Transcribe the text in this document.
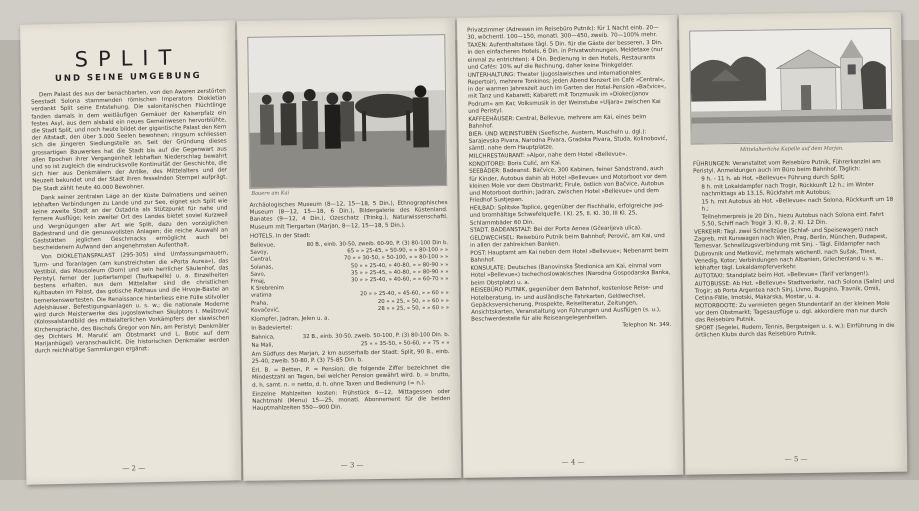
SPLIT
UND SEINE UMGEBUNG

Dem Palast des aus der benachbarten, von den Awaren zerstörten Seestadt Solona stammenden römischen Imperators Diokletian verdankt Split seine Entstehung. Die salonitanischen Flüchtlinge fanden damals in dem weitläufigen Gemäuer der Kaiserpfalz ein festes Asyl, aus dem alsbald ein neues Gemeinwesen hervorblühte, die Stadt Split, und noch heute bildet der gigantische Palast den Kern der Altstadt, den über 3.000 Seelen bewohnen; ringsum schliessen sich die jüngeren Siedlungsteile an. Seit der Gründung dieses grossartigen Bauwerkes hat die Stadt bis auf die Gegenwart aus allen Epochen ihrer Vergangenheit lebhaften Niederschlag bewahrt und so ist zugleich die eindrucksvolle Kontinuität der Geschichte, die sich hier aus Denkmälern der Antike, des Mittelalters und der Neuzeit bekundet und der Stadt ihren fesselnden Stempel aufprägt. Die Stadt zählt heute 40.000 Bewohner.

Dank seiner zentralen Lage an der Küste Dalmatiens und seinen lebhaften Verbindungen zu Lande und zur See, eignet sich Split wie keine zweite Stadt an der Ostadria als Stützpunkt für nahe und fernere Ausflüge; kein zweiter Ort des Landes bietet soviel Kurzweil und Vergnügungen aller Art wie Split, dazu den vorzüglichen Badestrand und die genussvollsten Anlagen; die reiche Auswahl an Gaststätten jeglichen Geschmacks ermöglicht auch bei bescheidenem Aufwand den angenehmsten Aufenthalt.

Von DIOKLETIANSPALAST (295-305) sind Umfassungsmauern, Turm- und Toranlagen (am kunstreichsten die »Porta Aurea«), das Vestibül, das Mausoleum (Dom) und sein herrlicher Säulenhof, das Peristyl, ferner der Jupitertempel (Taufkapelle) u. a. Einzelheiten bestens erhalten, aus dem Mittelalter sind die christlichen Kultbauten im Palast, das gotische Rathaus und die Hrvoje-Bastei an bemerkenswertesten. Die Renaissance hinterliess eine Fülle stilvoller Adelshäuser, Befestigungsanlagen u. s. w.; die nationale Moderne wird durch Meisterwerke des jugoslawischen Skulptors I. Meštrović (Kolossalstandbild des mittelalterlichen Vorkämpfers der slawischen Kirchensprache, des Bischofs Gregor von Nin, am Peristyl; Denkmäler des Dichters M. Marulić am Obstmarkt und L. Botić auf dem Marijanhügel) veranschaulicht. Die historischen Denkmäler werden durch reichhaltige Sammlungen ergänzt:

— 2 —
Bauern am Kai

Archäologisches Museum (8—12, 15—18, 5 Din.), Ethnographisches Museum (8—12, 15—18, 6 Din.), Bildergalerie des Küstenland. Banates (9—12, 4 Din.), Ozeschatz (Trinkg.), Naturwissenschaftl. Museum mit Tiergarten (Marjan, 8—12, 15—18, 5 Din.).

HOTELS. In der Stadt:

Bellevue,	80 B., einb. 30-50, zweib. 60-90, P. (3) 80-100 Din b.
Savoy,	65 » » 25-45, » 50-90, » » 80-100 » »
Central,	70 » » 30-50, » 50-100, » » 80-100 » »
Solanas,	50 » » 25-40, » 40-80, » » 80-90 » »
Savo,	35 » » 25-45, » 40-80, » » 80-90 » »
Fmaj,	30 » » 25-40, » 40-60, » » 60-70 » »
K Srebrenim	
vratima	20 » » 25-40, » 45-60, » » 60 » »
Praha,	20 » » 25, » 50, » » 60 » »
Kovačević,	28 » » 25, » 50, » » 60 » »

Klompfer, Jadran, Jelen u. a.

In Badeviertel:

Bahnica,	32 B., einb. 30-50, zweib. 50-100, P. (3) 80-100 Din. b.
Na Mali,	25 » » 35-50, » 50-60, » » 75 » »

Am Südfuss des Marjan, 2 km ausserhalb der Stadt: Split, 90 B., einb. 25-40, zweib. 50-80, P. (3) 75-85 Din. b.

Erl. B. = Betten, P. = Pension; die folgende Ziffer bezeichnet die Mindestzahl an Tagen, bei welcher Pension gewährt wird. b. = brutto, d. h. samt. n. = netto, d. h. ohne Taxen und Bedienung (= n.).

Einzelne Mahlzeiten kosten: Frühstück 6—12, Mittagessen oder Nachtmahl (Menu) 15—25, monatl. Abonnement für die beiden Hauptmahlzeiten 550—900 Din.

— 3 —

Privatzimmer (Adressen im Reisebüro Putnik): für 1 Nacht einb. 20—30, wöchentl. 100—150, monatl. 300—450, zweib. 70—100% mehr.

TAXEN: Aufenthaltstaxe tägl. 5 Din. für die Gäste der besseren, 3 Din. in den einfacheren Hotels, 6 Din. in Privatwohnungen. Meldetaxe (nur einmal zu entrichten): 4 Din. Bedienung in den Hotels, Restaurants und Cafés: 10% auf die Rechnung, daher keine Trinkgelder.

UNTERHALTUNG: Theater (jugoslawisches und internationales Repertoir), mehrere Tonkinos; jeden Abend Konzert im Café »Central«, in der warmen Jahreszeit auch im Garten der Hotel-Pension »Bačvice«, mit Tanz und Kabarett; Kabarett mit Tonzmusik im »Diokecijanov Podrum« am Kai; Volksmusik in der Weinstube »Uljara« zwischen Kai und Peristyl.

KAFFEEHÄUSER: Central, Bellevue, mehrere am Kai, eines beim Bahnhof.

BIER- UND WEINSTUBEN (Seefische, Austern, Muscheln u. dgl.): Sarajevska Pivara, Narodna Pivara, Gradska Pivara, Studa, Kolinobović, sämtl. nahe dem Hauptplatze.

MILCHRESTAURANT: »Alpor, nahe dem Hotel »Bellevue«.

KONDITOREI: Boris Culić, am Kai.

SEEBÄDER: Badeanst. Bačvice, 300 Kabinen, feiner Sandstrand, auch für Kinder, Autobus dahin ab Hotel »Bellevue« und Motorboot vor dem kleinen Mole vor dem Obstmarkt; Firule, östlich von Bačvice, Autobus und Motorboot dorthin; Jadran, zwischen Hotel »Bellevue« und dem Friedhof Sustjepan.

HEILBAD: Splitske Toplice, gegenüber der Fischhalle, erfolgreiche jod- und bromhältige Schwefelquelle. I Kl. 25, II. Kl. 30, III Kl. 25, Schlammbäder 60 Din.

STADT. BADEANSTALT: Bei der Porta Aenea (Gčearijeva ulica).

GELDWECHSEL: Reisebüro Putnik beim Bahnhof; Perović, am Kai, und in allen der zahlreichen Banken.

POST: Hauptamt am Kai neben dem Hotel »Bellevue«; Nebenamt beim Bahnhof.

KONSULATE: Deutsches (Banovinska Štedionica am Kai, einmal vom Hotel »Bellevue«) tschechoslowakisches (Narodna Gospodarska Banka, beim Obstplatz) u. a.

REISEBÜRO PUTNIK, gegenüber dem Bahnhof, kostenlose Reise- und Hotelberatung, in- und ausländische Fahrkarten, Geldwechsel, Gepäcksversicherung, Prospekte, Reiseliteratur, Zeitungen, Ansichtskarten, Veranstaltung von Führungen und Ausflügen (s. u.), Beschwerdestelle für alle Reiseangelegenheiten.

Telephon Nr. 349.

— 4 —
Mittelalterliche Kapelle auf dem Marjan.

FÜHRUNGEN: Veranstaltet vom Reisebüro Putnik, Führerkanzlei am Peristyl. Anmeldungen auch im Büro beim Bahnhof. Täglich:

9 h. - 11 h. ab Hot. »Bellevue« Führung durch Split;

8 h. mit Lokaldampfer nach Trogir, Rückkunft 12 h.; im Winter nachmittags ab 13.15, Rückfahrt mit Autobus;

15 h. mit Autobus ab Hot. »Bellevue« nach Solona, Rückkunft um 18 h.;

Teilnehmerpreis je 20 Din., hiezu Autobus nach Solona einf. Fahrt 5.50, Schiff nach Trogir 3. Kl. 8, 2. Kl. 12 Din.

VERKEHR: Tägl. zwei Schnellzüge (Schlaf- und Speisewagen) nach Zagreb, mit Kurswagen nach Wien, Prag, Berlin, München, Budapest, Temesvar. Schnellzugsverbindung mit Sinj. - Tägl. Eildampfer nach Dubrovnik und Metković, mehrmals wöchentl. nach Sušak, Triest, Venedig, Kotor; Verbindungen nach Albanien, Griechenland u. s. w., lebhafter tägl. Lokaldampferverkehr.

AUTOTAXI: Standplatz beim Hot. »Bellevue« (Tarif verlangen!).

AUTOBUSSE: Ab Hot. »Bellevue« Stadtverkehr, nach Solona (Salin) und Trogir; ab Porta Argentea nach Sinj, Livno, Bugojno, Travnik, Omiš, Cetina-Fälle, Imotski, Makarska, Mostar, u. a.

MOTORBOOTE: Zu vermieten gegen Stundentarif an der kleinen Mole vor dem Obstmarkt; Tagesausflüge u. dgl. akkordiere man nur durch das Reisebüro Putnik.

SPORT (Segelei, Rudern, Tennis, Bergsteigen u. s. w.): Einführung in die örtlichen Klubs durch das Reisebüro Putnik.

— 5 —
